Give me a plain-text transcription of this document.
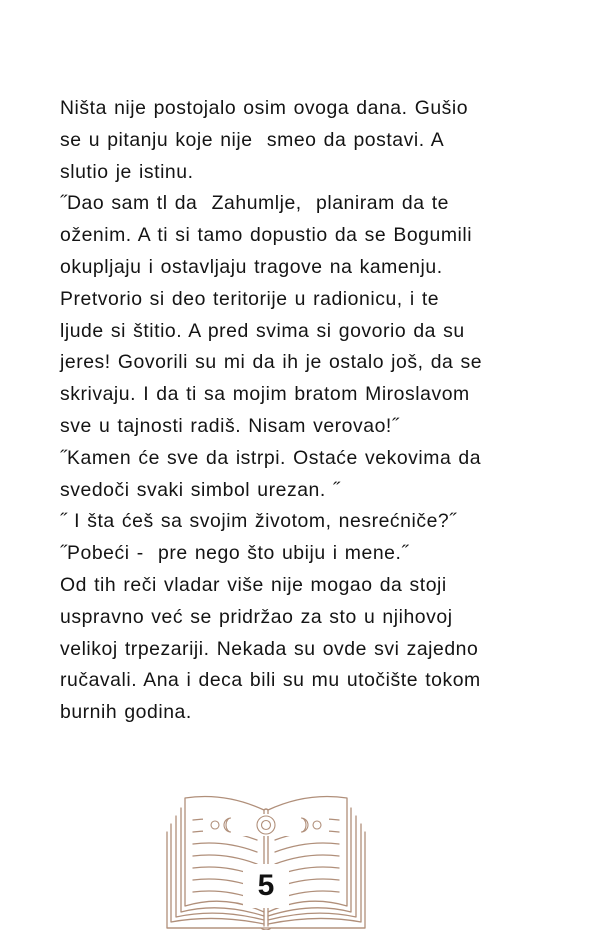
Ništa nije postojalo osim ovoga dana. Gušio
se u pitanju koje nije  smeo da postavi. A
slutio je istinu.
˝Dao sam tl da  Zahumlje,  planiram da te
oženim. A ti si tamo dopustio da se Bogumili
okupljaju i ostavljaju tragove na kamenju.
Pretvorio si deo teritorije u radionicu, i te
ljude si štitio. A pred svima si govorio da su
jeres! Govorili su mi da ih je ostalo još, da se
skrivaju. I da ti sa mojim bratom Miroslavom
sve u tajnosti radiš. Nisam verovao!˝
˝Kamen će sve da istrpi. Ostaće vekovima da
svedoči svaki simbol urezan. ˝
˝ I šta ćeš sa svojim životom, nesrećniče?˝
˝Pobeći -  pre nego što ubiju i mene.˝
Od tih reči vladar više nije mogao da stoji
uspravno već se pridržao za sto u njihovoj
velikoj trpezariji. Nekada su ovde svi zajedno
ručavali. Ana i deca bili su mu utočište tokom
burnih godina.
5
